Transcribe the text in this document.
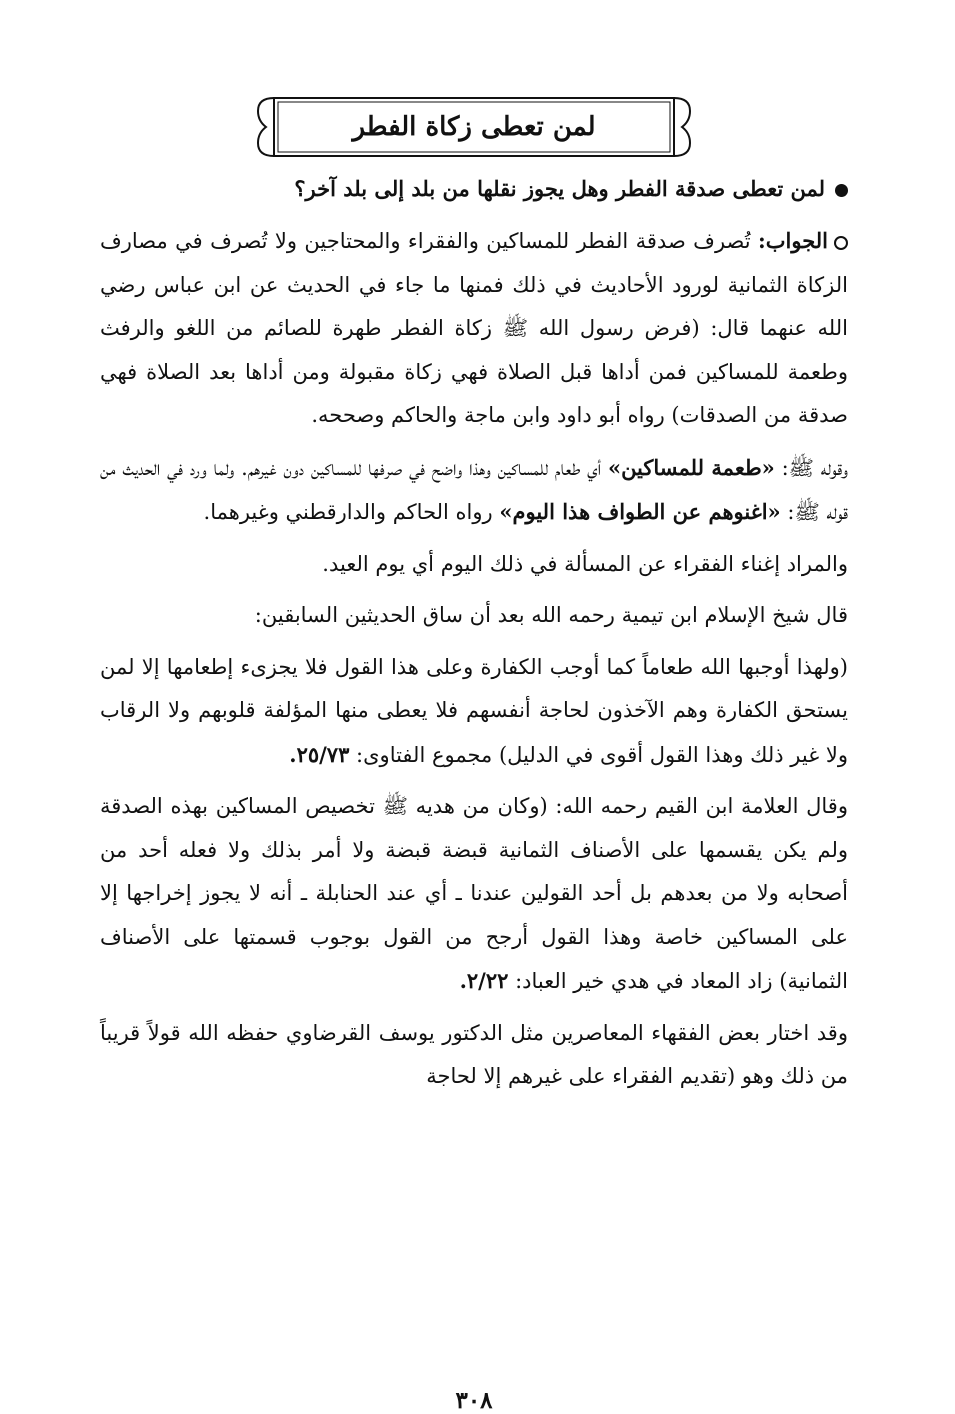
لمن تعطى زكاة الفطر
لمن تعطى صدقة الفطر وهل يجوز نقلها من بلد إلى بلد آخر؟

الجواب: تُصرف صدقة الفطر للمساكين والفقراء والمحتاجين ولا تُصرف في مصارف الزكاة الثمانية لورود الأحاديث في ذلك فمنها ما جاء في الحديث عن ابن عباس رضي الله عنهما قال: (فرض رسول الله ﷺ زكاة الفطر طهرة للصائم من اللغو والرفث وطعمة للمساكين فمن أداها قبل الصلاة فهي زكاة مقبولة ومن أداها بعد الصلاة فهي صدقة من الصدقات) رواه أبو داود وابن ماجة والحاكم وصححه.

وقوله ﷺ: «طعمة للمساكين» أي طعام للمساكين وهذا واضح في صرفها للمساكين دون غيرهم. ولما ورد في الحديث من قوله ﷺ: «اغنوهم عن الطواف هذا اليوم» رواه الحاكم والدارقطني وغيرهما.

والمراد إغناء الفقراء عن المسألة في ذلك اليوم أي يوم العيد.

قال شيخ الإسلام ابن تيمية رحمه الله بعد أن ساق الحديثين السابقين:

(ولهذا أوجبها الله طعاماً كما أوجب الكفارة وعلى هذا القول فلا يجزىء إطعامها إلا لمن يستحق الكفارة وهم الآخذون لحاجة أنفسهم فلا يعطى منها المؤلفة قلوبهم ولا الرقاب ولا غير ذلك وهذا القول أقوى في الدليل) مجموع الفتاوى: ٢٥/٧٣.

وقال العلامة ابن القيم رحمه الله: (وكان من هديه ﷺ تخصيص المساكين بهذه الصدقة ولم يكن يقسمها على الأصناف الثمانية قبضة قبضة ولا أمر بذلك ولا فعله أحد من أصحابه ولا من بعدهم بل أحد القولين عندنا ـ أي عند الحنابلة ـ أنه لا يجوز إخراجها إلا على المساكين خاصة وهذا القول أرجح من القول بوجوب قسمتها على الأصناف الثمانية) زاد المعاد في هدي خير العباد: ٢/٢٢.

وقد اختار بعض الفقهاء المعاصرين مثل الدكتور يوسف القرضاوي حفظه الله قولاً قريباً من ذلك وهو (تقديم الفقراء على غيرهم إلا لحاجة

٣٠٨
